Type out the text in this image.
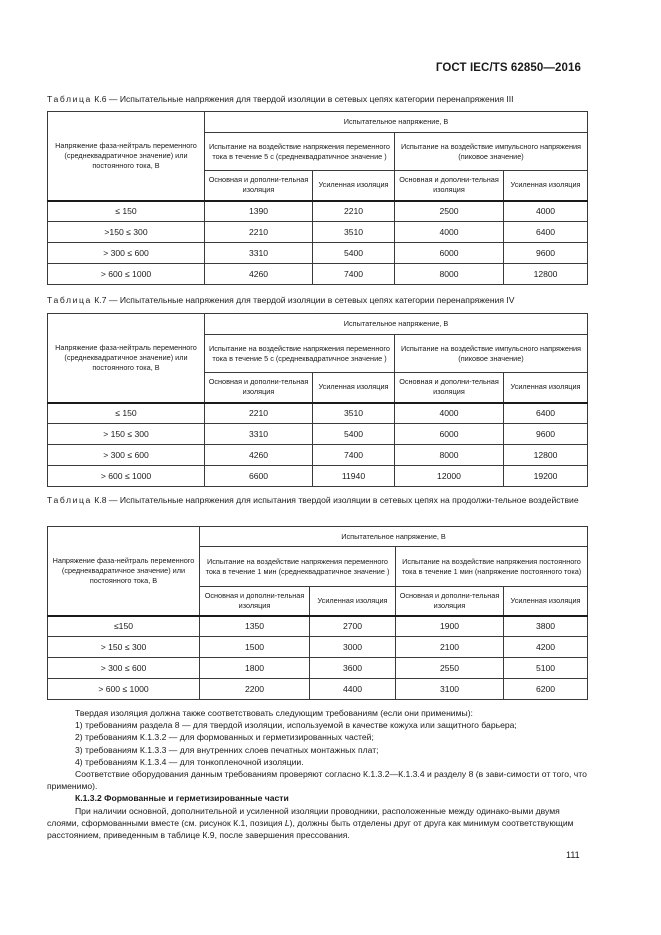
ГОСТ IEC/TS 62850—2016
Таблица К.6 — Испытательные напряжения для твердой изоляции в сетевых цепях категории перенапряжения III
Напряжение фаза-нейтраль переменного (среднеквадратичное значение) или постоянного тока, В	Испытательное напряжение, В			
	Испытание на воздействие напряжения переменного тока в течение 5 с (среднеквадратичное значение )		Испытание на воздействие импульсного напряжения (пиковое значение)	
	Основная и дополни-тельная изоляция	Усиленная изоляция	Основная и дополни-тельная изоляция	Усиленная изоляция
≤ 150	1390	2210	2500	4000
>150 ≤ 300	2210	3510	4000	6400
> 300 ≤ 600	3310	5400	6000	9600
> 600 ≤ 1000	4260	7400	8000	12800
Таблица К.7 — Испытательные напряжения для твердой изоляции в сетевых цепях категории перенапряжения IV
Напряжение фаза-нейтраль переменного (среднеквадратичное значение) или постоянного тока, В	Испытательное напряжение, В			
	Испытание на воздействие напряжения переменного тока в течение 5 с (среднеквадратичное значение )		Испытание на воздействие импульсного напряжения (пиковое значение)	
	Основная и дополни-тельная изоляция	Усиленная изоляция	Основная и дополни-тельная изоляция	Усиленная изоляция
≤ 150	2210	3510	4000	6400
> 150 ≤ 300	3310	5400	6000	9600
> 300 ≤ 600	4260	7400	8000	12800
> 600 ≤ 1000	6600	11940	12000	19200
Таблица К.8 — Испытательные напряжения для испытания твердой изоляции в сетевых цепях на продолжи-тельное воздействие
Напряжение фаза-нейтраль переменного (среднеквадратичное значение) или постоянного тока, В	Испытательное напряжение, В			
	Испытание на воздействие напряжения переменного тока в течение 1 мин (среднеквадратичное значение )		Испытание на воздействие напряжения постоянного тока в течение 1 мин (напряжение постоянного тока)	
	Основная и дополни-тельная изоляция	Усиленная изоляция	Основная и дополни-тельная изоляция	Усиленная изоляция
≤150	1350	2700	1900	3800
> 150 ≤ 300	1500	3000	2100	4200
> 300 ≤ 600	1800	3600	2550	5100
> 600 ≤ 1000	2200	4400	3100	6200

Твердая изоляция должна также соответствовать следующим требованиям (если они применимы):

1) требованиям раздела 8 — для твердой изоляции, используемой в качестве кожуха или защитного барьера;

2) требованиям К.1.3.2 — для формованных и герметизированных частей;

3) требованиям К.1.3.3 — для внутренних слоев печатных монтажных плат;

4) требованиям К.1.3.4 — для тонкопленочной изоляции.

Соответствие оборудования данным требованиям проверяют согласно К.1.3.2—К.1.3.4 и разделу 8 (в зави-симости от того, что применимо).

К.1.3.2 Формованные и герметизированные части

При наличии основной, дополнительной и усиленной изоляции проводники, расположенные между одинако-выми двумя слоями, сформованными вместе (см. рисунок К.1, позиция L), должны быть отделены друг от друга как минимум соответствующим расстоянием, приведенным в таблице К.9, после завершения прессования.

111
